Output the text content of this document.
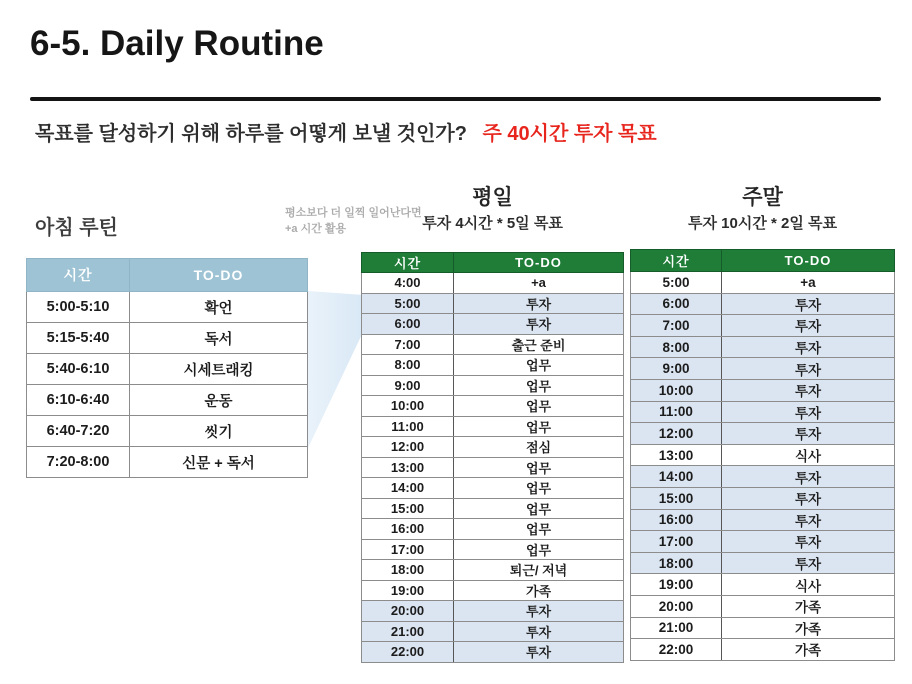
6-5. Daily Routine
목표를 달성하기 위해 하루를 어떻게 보낼 것인가? 주 40시간 투자 목표
아침 루틴
평소보다 더 일찍 일어난다면
+a 시간 활용
평일
투자 4시간 * 5일 목표
주말
투자 10시간 * 2일 목표
시간	TO-DO
5:00-5:10	확언
5:15-5:40	독서
5:40-6:10	시세트래킹
6:10-6:40	운동
6:40-7:20	씻기
7:20-8:00	신문 + 독서
시간	TO-DO
4:00	+a
5:00	투자
6:00	투자
7:00	출근 준비
8:00	업무
9:00	업무
10:00	업무
11:00	업무
12:00	점심
13:00	업무
14:00	업무
15:00	업무
16:00	업무
17:00	업무
18:00	퇴근/ 저녁
19:00	가족
20:00	투자
21:00	투자
22:00	투자
시간	TO-DO
5:00	+a
6:00	투자
7:00	투자
8:00	투자
9:00	투자
10:00	투자
11:00	투자
12:00	투자
13:00	식사
14:00	투자
15:00	투자
16:00	투자
17:00	투자
18:00	투자
19:00	식사
20:00	가족
21:00	가족
22:00	가족
